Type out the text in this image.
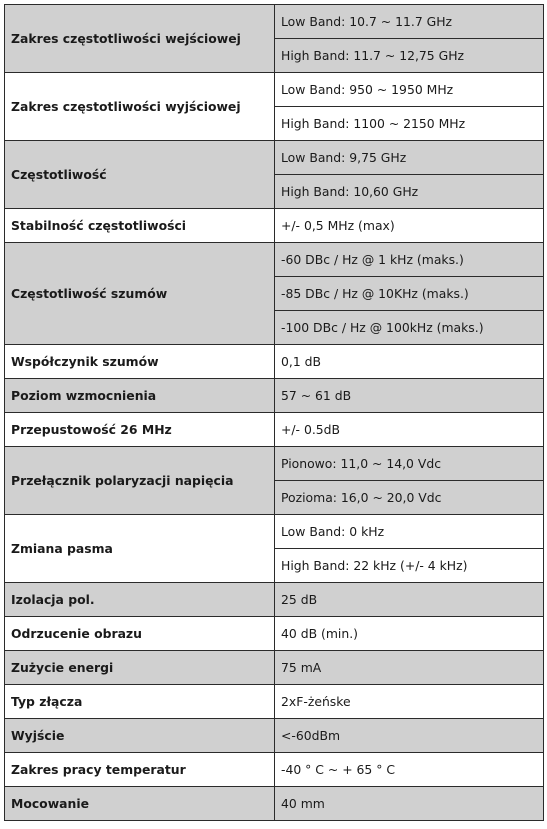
Zakres częstotliwości wejściowej	Low Band: 10.7 ~ 11.7 GHz
	High Band: 11.7 ~ 12,75 GHz
Zakres częstotliwości wyjściowej	Low Band: 950 ~ 1950 MHz
	High Band: 1100 ~ 2150 MHz
Częstotliwość	Low Band: 9,75 GHz
	High Band: 10,60 GHz
Stabilność częstotliwości	+/- 0,5 MHz (max)
Częstotliwość szumów	-60 DBc / Hz @ 1 kHz (maks.)
	-85 DBc / Hz @ 10KHz (maks.)
	-100 DBc / Hz @ 100kHz (maks.)
Współczynik szumów	0,1 dB
Poziom wzmocnienia	57 ~ 61 dB
Przepustowość 26 MHz	+/- 0.5dB
Przełącznik polaryzacji napięcia	Pionowo: 11,0 ~ 14,0 Vdc
	Pozioma: 16,0 ~ 20,0 Vdc
Zmiana pasma	Low Band: 0 kHz
	High Band: 22 kHz (+/- 4 kHz)
Izolacja pol.	25 dB
Odrzucenie obrazu	40 dB (min.)
Zużycie energi	75 mA
Typ złącza	2xF-żeńske
Wyjście	<-60dBm
Zakres pracy temperatur	-40 ° C ~ + 65 ° C
Mocowanie	40 mm
